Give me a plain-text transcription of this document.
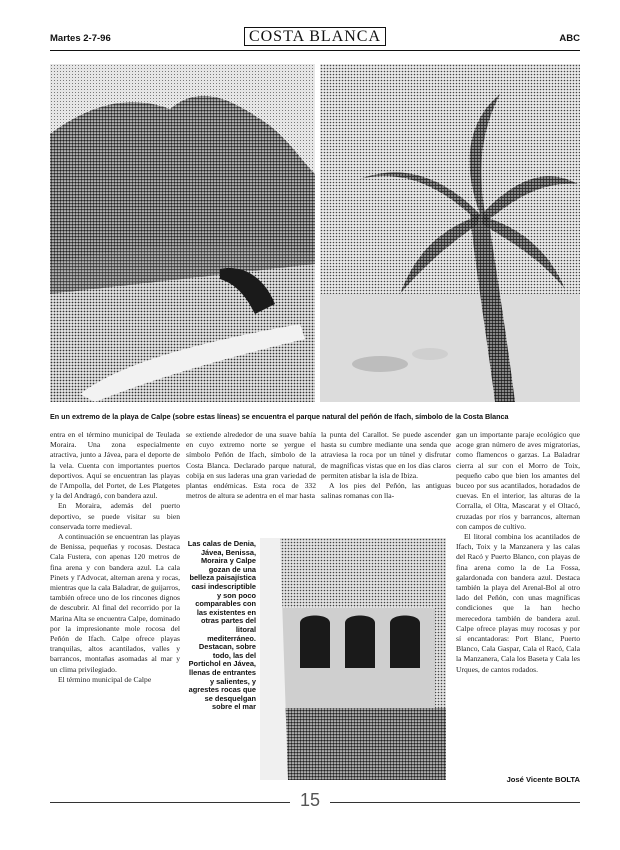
Martes 2-7-96	COSTA BLANCA	ABC
En un extremo de la playa de Calpe (sobre estas líneas) se encuentra el parque natural del peñón de Ifach, símbolo de la Costa Blanca

entra en el término municipal de Teulada Moraira. Una zona especialmente atractiva, junto a Jávea, para el deporte de la vela. Cuenta con importantes puertos deportivos. Aquí se encuentran las playas de l'Ampolla, del Portet, de Les Platgetes y la del Andragó, con bandera azul.

En Moraira, además del puerto deportivo, se puede visitar su bien conservada torre medieval.

A continuación se encuentran las playas de Benissa, pequeñas y rocosas. Destaca Cala Fustera, con apenas 120 metros de fina arena y con bandera azul. La cala Pinets y l'Advocat, alternan arena y rocas, mientras que la cala Baladrar, de guijarros, también ofrece uno de los rincones dignos de descubrir. Al final del recorrido por la Marina Alta se encuentra Calpe, dominado por la impresionante mole rocosa del Peñón de Ifach. Calpe ofrece playas tranquilas, altos acantilados, valles y barrancos, montañas asomadas al mar y un clima privilegiado.

El término municipal de Calpe

se extiende alrededor de una suave bahía en cuyo extremo norte se yergue el símbolo Peñón de Ifach, símbolo de la Costa Blanca. Declarado parque natural, cobija en sus laderas una gran variedad de plantas endémicas. Esta roca de 332 metros de altura se adentra en el mar hasta

la punta del Carallot. Se puede ascender hasta su cumbre mediante una senda que atraviesa la roca por un túnel y disfrutar de magníficas vistas que en los días claros permiten atisbar la isla de Ibiza.

A los pies del Peñón, las antiguas salinas romanas con lla-

gan un importante paraje ecológico que acoge gran número de aves migratorias, como flamencos o garzas. La Baladrar cierra al sur con el Morro de Toix, pequeño cabo que bien los amantes del buceo por sus acantilados, horadados de cuevas. En el interior, las alturas de la Corralla, el Olta, Mascarat y el Oltacó, cruzadas por ríos y barrancos, alternan con campos de cultivo.

El litoral combina los acantilados de Ifach, Toix y la Manzanera y las calas del Racó y Puerto Blanco, con playas de fina arena como la de La Fossa, galardonada con bandera azul. Destaca también la playa del Arenal-Bol al otro lado del Peñón, con unas magníficas condiciones que la han hecho merecedora también de bandera azul. Calpe ofrece playas muy rocosas y por sí encantadoras: Port Blanc, Puerto Blanco, Cala Gaspar, Cala el Racó, Cala la Manzanera, Cala los Baseta y Cala les Urques, de cantos rodados.

Las calas de Denia, Jávea, Benissa, Moraira y Calpe gozan de una belleza paisajística casi indescriptible y son poco comparables con las existentes en otras partes del litoral mediterráneo. Destacan, sobre todo, las del Portichol en Jávea, llenas de entrantes y salientes, y agrestes rocas que se desquelgan sobre el mar
José Vicente BOLTA
15
